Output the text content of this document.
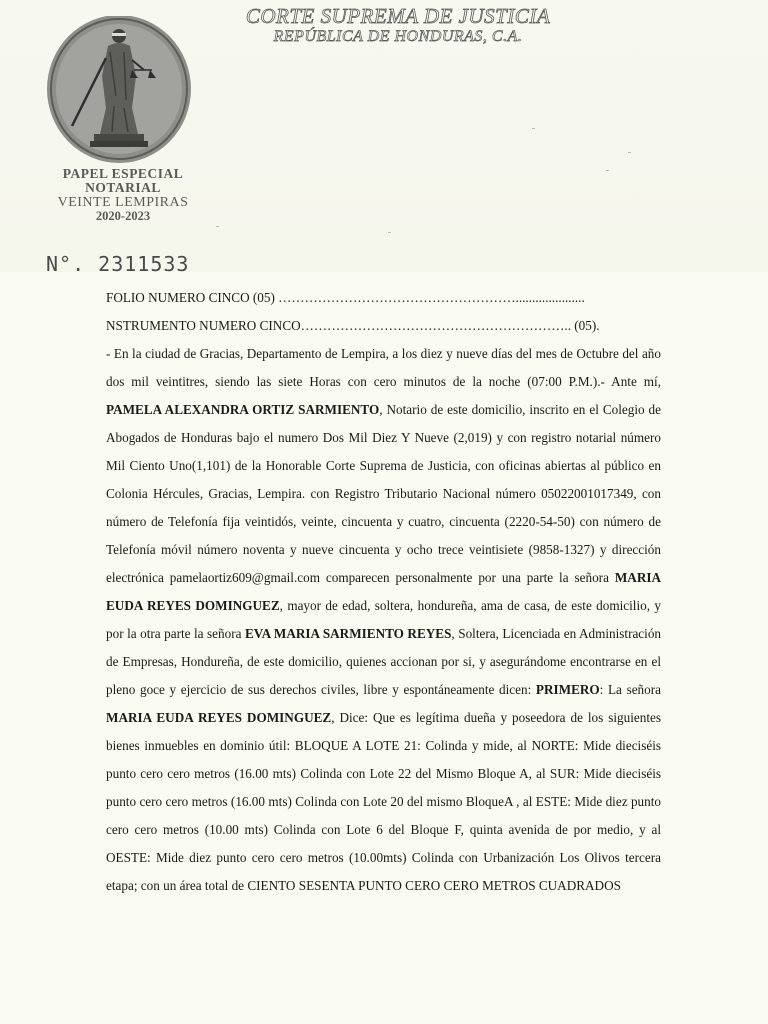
CORTE SUPREMA DE JUSTICIA
REPÚBLICA DE HONDURAS, C.A.
PAPEL ESPECIAL
NOTARIAL
VEINTE LEMPIRAS
2020-2023
N°. 2311533

FOLIO NUMERO CINCO (05) ……………………………………………….....................

NSTRUMENTO NUMERO CINCO…………………………………………………….. (05).

- En la ciudad de Gracias, Departamento de Lempira, a los diez y nueve días del mes de Octubre del año dos mil veintitres, siendo las siete Horas con cero minutos de la noche (07:00 P.M.).- Ante mí, PAMELA ALEXANDRA ORTIZ SARMIENTO, Notario de este domicilio, inscrito en el Colegio de Abogados de Honduras bajo el numero Dos Mil Diez Y Nueve (2,019) y con registro notarial número Mil Ciento Uno(1,101) de la Honorable Corte Suprema de Justicia, con oficinas abiertas al público en Colonia Hércules, Gracias, Lempira. con Registro Tributario Nacional número 05022001017349, con número de Telefonía fija veintidós, veinte, cincuenta y cuatro, cincuenta (2220-54-50) con número de Telefonía móvil número noventa y nueve cincuenta y ocho trece veintisiete (9858-1327) y dirección electrónica pamelaortiz609@gmail.com comparecen personalmente por una parte la señora MARIA EUDA REYES DOMINGUEZ, mayor de edad, soltera, hondureña, ama de casa, de este domicilio, y por la otra parte la señora EVA MARIA SARMIENTO REYES, Soltera, Licenciada en Administración de Empresas, Hondureña, de este domicilio, quienes accionan por si, y asegurándome encontrarse en el pleno goce y ejercicio de sus derechos civiles, libre y espontáneamente dicen: PRIMERO: La señora MARIA EUDA REYES DOMINGUEZ, Dice: Que es legítima dueña y poseedora de los siguientes bienes inmuebles en dominio útil: BLOQUE A LOTE 21: Colinda y mide, al NORTE: Mide dieciséis punto cero cero metros (16.00 mts) Colinda con Lote 22 del Mismo Bloque A, al SUR: Mide dieciséis punto cero cero metros (16.00 mts) Colinda con Lote 20 del mismo BloqueA , al ESTE: Mide diez punto cero cero metros (10.00 mts) Colinda con Lote 6 del Bloque F, quinta avenida de por medio, y al OESTE: Mide diez punto cero cero metros (10.00mts) Colinda con Urbanización Los Olivos tercera etapa; con un área total de CIENTO SESENTA PUNTO CERO CERO METROS CUADRADOS
